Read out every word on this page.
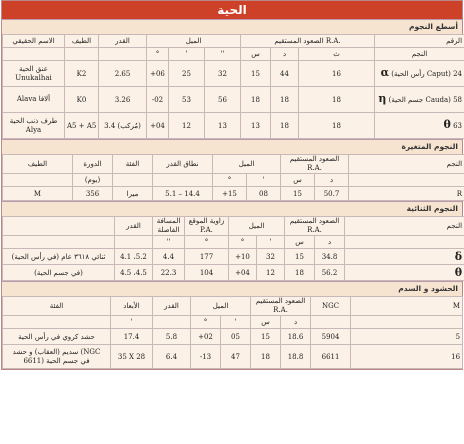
الحية
أسطع النجوم
الاسم الحقيقي	الطيف	القدر	الميل			الصعود المستقيم R.A.			الرقم
			°	'	''	س	د	ث	النجم
عنق الحية Unukalhai	K2	2.65	+06	25	32	15	44	16	α (رأس الحية Caput) 24
Alava ألافا	K0	3.26	-02	53	56	18	18	18	η (جسم الحية Cauda) 58
طرف ذنب الحية Alya	A5 + A5	3.4 (مُركب)	+04	12	13	13	18	18	θ 63
النجوم المتغيرة
الطيف	الدورة	الفئة	نطاق القدر	الميل		الصعود المستقيم R.A.		النجم
	(يوم)			°	'	س	د	
M	356	ميرا	5.1 – 14.4	+15	08	15	50.7	R
النجوم الثنائية
	القدر	المسافة الفاصلة	زاوية الموقع P.A.	الميل		الصعود المستقيم R.A.		النجم
		''	°	°	'	س	د	
ثنائي ۳٦۱۸ عام (في رأس الحية)	4.1 ،5.2	4.4	177	+10	32	15	34.8	δ
(في جسم الحية)	4.5 ،4.5	22.3	104	+04	12	18	56.2	θ
الحشود و السدم
الفئة	الأبعاد	القدر	الميل		الصعود المستقيم R.A.		NGC	M
	'		°	'	س	د		
حشد كروي في رأس الحية	17.4	5.8	+02	05	15	18.6	5904	5
سديم (العقاب) و حشد (NGC 6611) في جسم الحية	35 X 28	6.4	-13	47	18	18.8	6611	16
